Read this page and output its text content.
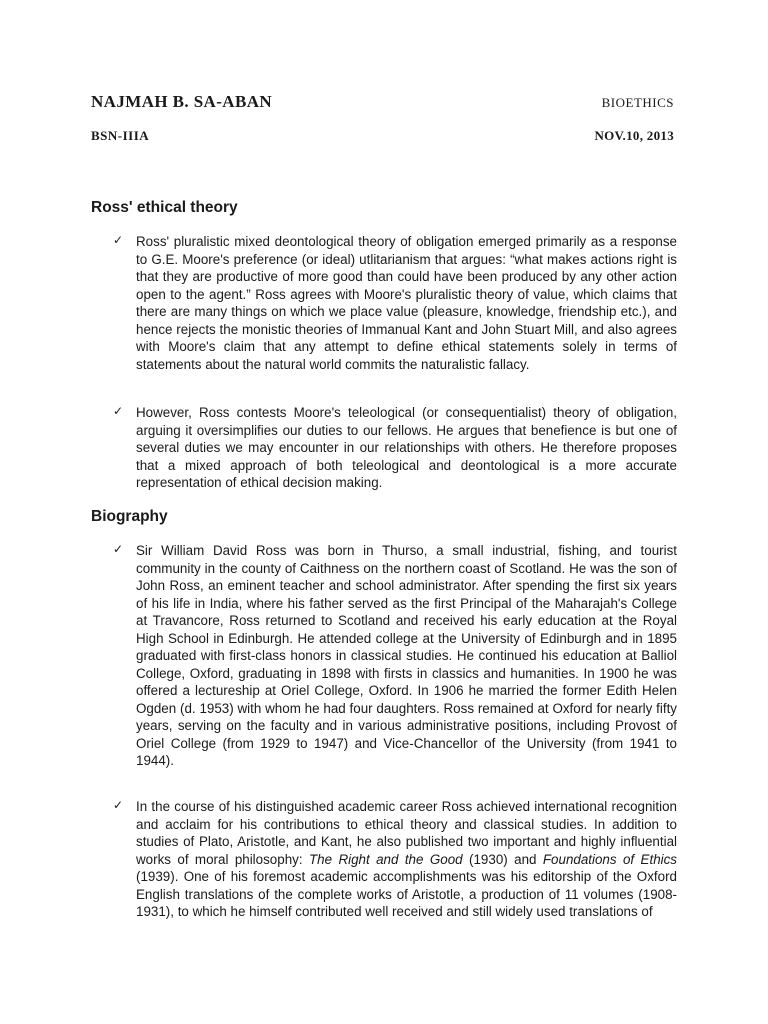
NAJMAH B. SA-ABAN	BIOETHICS
BSN-IIIA	NOV.10, 2013
Ross' ethical theory
✓ Ross' pluralistic mixed deontological theory of obligation emerged primarily as a response to G.E. Moore's preference (or ideal) utlitarianism that argues: “what makes actions right is that they are productive of more good than could have been produced by any other action open to the agent.” Ross agrees with Moore's pluralistic theory of value, which claims that there are many things on which we place value (pleasure, knowledge, friendship etc.), and hence rejects the monistic theories of Immanual Kant and John Stuart Mill, and also agrees with Moore's claim that any attempt to define ethical statements solely in terms of statements about the natural world commits the naturalistic fallacy.

✓ However, Ross contests Moore's teleological (or consequentialist) theory of obligation, arguing it oversimplifies our duties to our fellows. He argues that benefience is but one of several duties we may encounter in our relationships with others. He therefore proposes that a mixed approach of both teleological and deontological is a more accurate representation of ethical decision making.

Biography
✓ Sir William David Ross was born in Thurso, a small industrial, fishing, and tourist community in the county of Caithness on the northern coast of Scotland. He was the son of John Ross, an eminent teacher and school administrator. After spending the first six years of his life in India, where his father served as the first Principal of the Maharajah's College at Travancore, Ross returned to Scotland and received his early education at the Royal High School in Edinburgh. He attended college at the University of Edinburgh and in 1895 graduated with first-class honors in classical studies. He continued his education at Balliol College, Oxford, graduating in 1898 with firsts in classics and humanities. In 1900 he was offered a lectureship at Oriel College, Oxford. In 1906 he married the former Edith Helen Ogden (d. 1953) with whom he had four daughters. Ross remained at Oxford for nearly fifty years, serving on the faculty and in various administrative positions, including Provost of Oriel College (from 1929 to 1947) and Vice-Chancellor of the University (from 1941 to 1944).

✓ In the course of his distinguished academic career Ross achieved international recognition and acclaim for his contributions to ethical theory and classical studies. In addition to studies of Plato, Aristotle, and Kant, he also published two important and highly influential works of moral philosophy: The Right and the Good (1930) and Foundations of Ethics (1939). One of his foremost academic accomplishments was his editorship of the Oxford English translations of the complete works of Aristotle, a production of 11 volumes (1908-1931), to which he himself contributed well received and still widely used translations of
